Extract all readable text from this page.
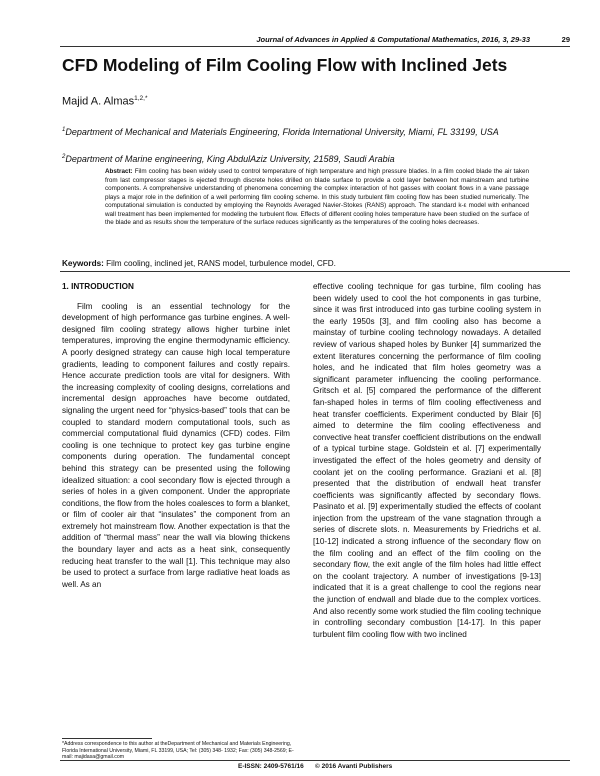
Journal of Advances in Applied & Computational Mathematics, 2016, 3, 29-33	29
CFD Modeling of Film Cooling Flow with Inclined Jets
Majid A. Almas$^{1,2,*}$
$^1$Department of Mechanical and Materials Engineering, Florida International University, Miami, FL 33199, USA
$^2$Department of Marine engineering, King AbdulAziz University, 21589, Saudi Arabia
Abstract: Film cooling has been widely used to control temperature of high temperature and high pressure blades. In a film cooled blade the air taken from last compressor stages is ejected through discrete holes drilled on blade surface to provide a cold layer between hot mainstream and turbine components. A comprehensive understanding of phenomena concerning the complex interaction of hot gasses with coolant flows in a vane passage plays a major role in the definition of a well performing film cooling scheme. In this study turbulent film cooling flow has been studied numerically. The computational simulation is conducted by employing the Reynolds Averaged Navier-Stokes (RANS) approach. The standard k-ε model with enhanced wall treatment has been implemented for modeling the turbulent flow. Effects of different cooling holes temperature have been studied on the surface of the blade and as results show the temperature of the surface reduces significantly as the temperatures of the cooling holes decreases.
Keywords: Film cooling, inclined jet, RANS model, turbulence model, CFD.
1. INTRODUCTION

Film cooling is an essential technology for the development of high performance gas turbine engines. A well-designed film cooling strategy allows higher turbine inlet temperatures, improving the engine thermodynamic efficiency. A poorly designed strategy can cause high local temperature gradients, leading to component failures and costly repairs. Hence accurate prediction tools are vital for designers. With the increasing complexity of cooling designs, correlations and incremental design approaches have become outdated, signaling the urgent need for “physics-based” tools that can be coupled to standard modern computational tools, such as commercial computational fluid dynamics (CFD) codes. Film cooling is one technique to protect key gas turbine engine components during operation. The fundamental concept behind this strategy can be presented using the following idealized situation: a cool secondary flow is ejected through a series of holes in a given component. Under the appropriate conditions, the flow from the holes coalesces to form a blanket, or film of cooler air that “insulates” the component from an extremely hot mainstream flow. Another expectation is that the addition of “thermal mass” near the wall via blowing thickens the boundary layer and acts as a heat sink, consequently reducing heat transfer to the wall [1]. This technique may also be used to protect a surface from large radiative heat loads as well. As an

effective cooling technique for gas turbine, film cooling has been widely used to cool the hot components in gas turbine, since it was first introduced into gas turbine cooling system in the early 1950s [3], and film cooling also has become a mainstay of turbine cooling technology nowadays. A detailed review of various shaped holes by Bunker [4] summarized the extent literatures concerning the performance of film cooling holes, and he indicated that film holes geometry was a significant parameter influencing the cooling performance. Gritsch et al. [5] compared the performance of the different fan-shaped holes in terms of film cooling effectiveness and heat transfer coefficients. Experiment conducted by Blair [6] aimed to determine the film cooling effectiveness and convective heat transfer coefficient distributions on the endwall of a typical turbine stage. Goldstein et al. [7] experimentally investigated the effect of the holes geometry and density of coolant jet on the cooling performance. Graziani et al. [8] presented that the distribution of endwall heat transfer coefficients was significantly affected by secondary flows. Pasinato et al. [9] experimentally studied the effects of coolant injection from the upstream of the vane stagnation through a series of discrete slots. n. Measurements by Friedrichs et al. [10-12] indicated a strong influence of the secondary flow on the film cooling and an effect of the film cooling on the secondary flow, the exit angle of the film holes had little effect on the coolant trajectory. A number of investigations [9-13] indicated that it is a great challenge to cool the regions near the junction of endwall and blade due to the complex vortices. And also recently some work studied the film cooling technique in controlling secondary combustion [14-17]. In this paper turbulent film cooling flow with two inclined

*Address correspondence to this author at theDepartment of Mechanical and Materials Engineering, Florida International University, Miami, FL 33199, USA; Tel: (305) 348- 1932; Fax: (305) 348-2569; E-mail: majidasa@gmail.com
E-ISSN: 2409-5761/16 © 2016 Avanti Publishers
